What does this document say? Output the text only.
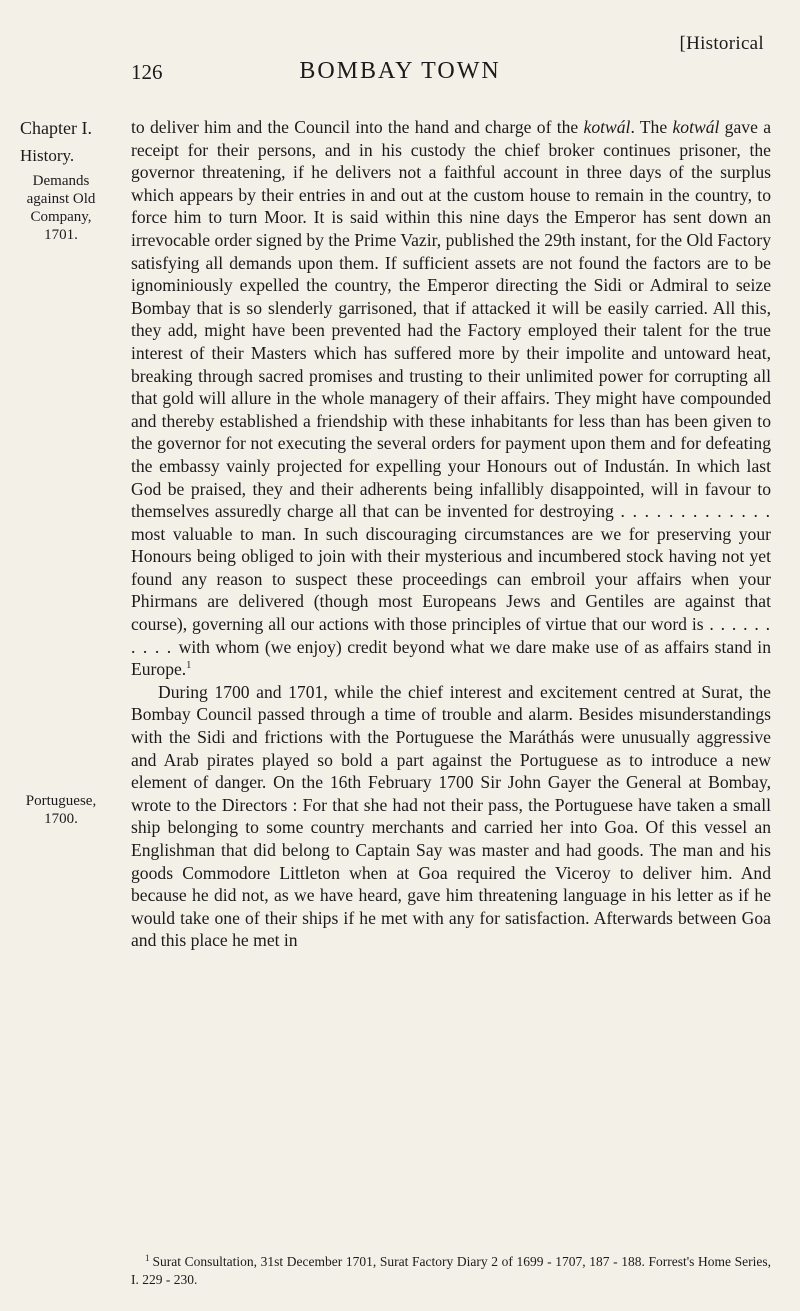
[Historical
126	BOMBAY TOWN
Chapter I.
History.
Demands against Old Company, 1701.
Portuguese, 1700.

to deliver him and the Council into the hand and charge of the kotwál. The kotwál gave a receipt for their persons, and in his custody the chief broker continues prisoner, the governor threatening, if he delivers not a faithful account in three days of the surplus which appears by their entries in and out at the custom house to remain in the country, to force him to turn Moor. It is said within this nine days the Emperor has sent down an irrevocable order signed by the Prime Vazir, published the 29th instant, for the Old Factory satisfying all demands upon them. If sufficient assets are not found the factors are to be ignominiously expelled the country, the Emperor directing the Sidi or Admiral to seize Bombay that is so slenderly garrisoned, that if attacked it will be easily carried. All this, they add, might have been prevented had the Factory employed their talent for the true interest of their Masters which has suffered more by their impolite and untoward heat, breaking through sacred promises and trusting to their unlimited power for corrupting all that gold will allure in the whole managery of their affairs. They might have compounded and thereby established a friendship with these inhabitants for less than has been given to the governor for not executing the several orders for payment upon them and for defeating the embassy vainly projected for expelling your Honours out of Industán. In which last God be praised, they and their adherents being infallibly disappointed, will in favour to themselves assuredly charge all that can be invented for destroying . . . . . . . . . . . . . most valuable to man. In such discouraging circumstances are we for preserving your Honours being obliged to join with their mysterious and incumbered stock having not yet found any reason to suspect these proceedings can embroil your affairs when your Phirmans are delivered (though most Europeans Jews and Gentiles are against that course), governing all our actions with those principles of virtue that our word is . . . . . . . . . . with whom (we enjoy) credit beyond what we dare make use of as affairs stand in Europe.$^1$

During 1700 and 1701, while the chief interest and excitement centred at Surat, the Bombay Council passed through a time of trouble and alarm. Besides misunderstandings with the Sidi and frictions with the Portuguese the Maráthás were unusually aggressive and Arab pirates played so bold a part against the Portuguese as to introduce a new element of danger. On the 16th February 1700 Sir John Gayer the General at Bombay, wrote to the Directors : For that she had not their pass, the Portuguese have taken a small ship belonging to some country merchants and carried her into Goa. Of this vessel an Englishman that did belong to Captain Say was master and had goods. The man and his goods Commodore Littleton when at Goa required the Viceroy to deliver him. And because he did not, as we have heard, gave him threatening language in his letter as if he would take one of their ships if he met with any for satisfaction. Afterwards between Goa and this place he met in

$^1$ Surat Consultation, 31st December 1701, Surat Factory Diary 2 of 1699 - 1707, 187 - 188. Forrest's Home Series, I. 229 - 230.
